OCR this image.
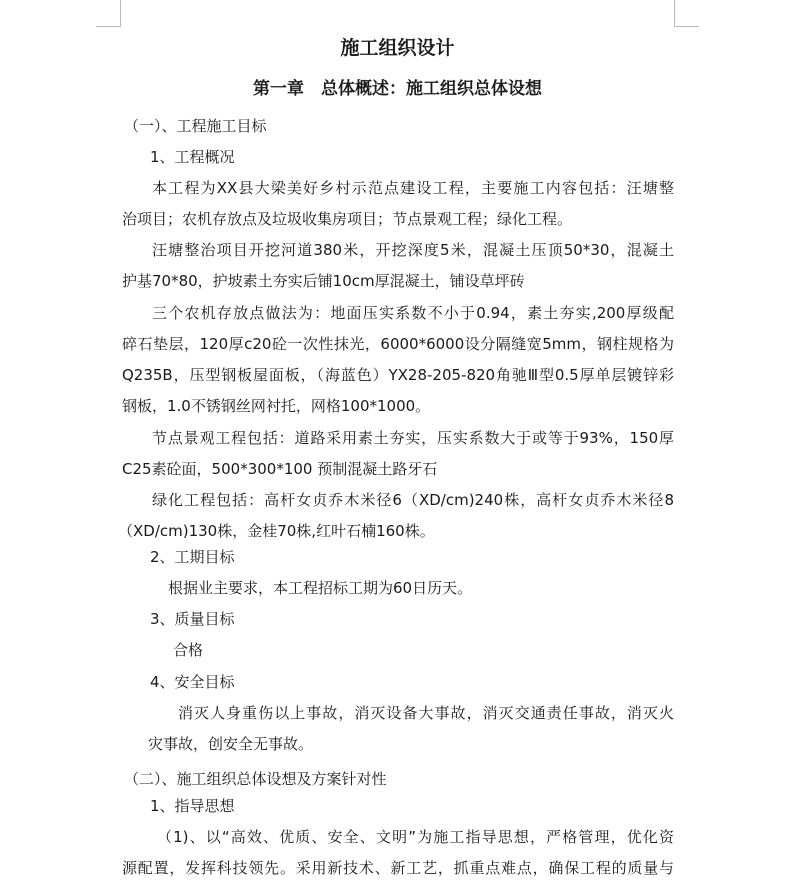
施工组织设计
第一章　总体概述：施工组织总体设想
（一）、工程施工目标
1、工程概况
本工程为XX县大梁美好乡村示范点建设工程，主要施工内容包括：汪塘整
治项目；农机存放点及垃圾收集房项目；节点景观工程；绿化工程。
汪塘整治项目开挖河道380米，开挖深度5米，混凝土压顶50*30，混凝土
护基70*80，护坡素土夯实后铺10cm厚混凝土，铺设草坪砖
三个农机存放点做法为：地面压实系数不小于0.94，素土夯实,200厚级配
碎石垫层，120厚c20砼一次性抹光，6000*6000设分隔缝宽5mm，钢柱规格为
Q235B，压型钢板屋面板，（海蓝色）YX28-205-820角驰Ⅲ型0.5厚单层镀锌彩
钢板，1.0不锈钢丝网衬托，网格100*1000。
节点景观工程包括：道路采用素土夯实，压实系数大于或等于93%，150厚
C25素砼面，500*300*100 预制混凝土路牙石
绿化工程包括：高杆女贞乔木米径6（XD/cm)240株，高杆女贞乔木米径8
（XD/cm)130株，金桂70株,红叶石楠160株。
2、工期目标
根据业主要求，本工程招标工期为60日历天。
3、质量目标
合格
4、安全目标
消灭人身重伤以上事故，消灭设备大事故，消灭交通责任事故，消灭火
灾事故，创安全无事故。
（二）、施工组织总体设想及方案针对性
1、指导思想
（1)、以“高效、优质、安全、文明”为施工指导思想，严格管理，优化资
源配置，发挥科技领先。采用新技术、新工艺，抓重点难点，确保工程的质量与
